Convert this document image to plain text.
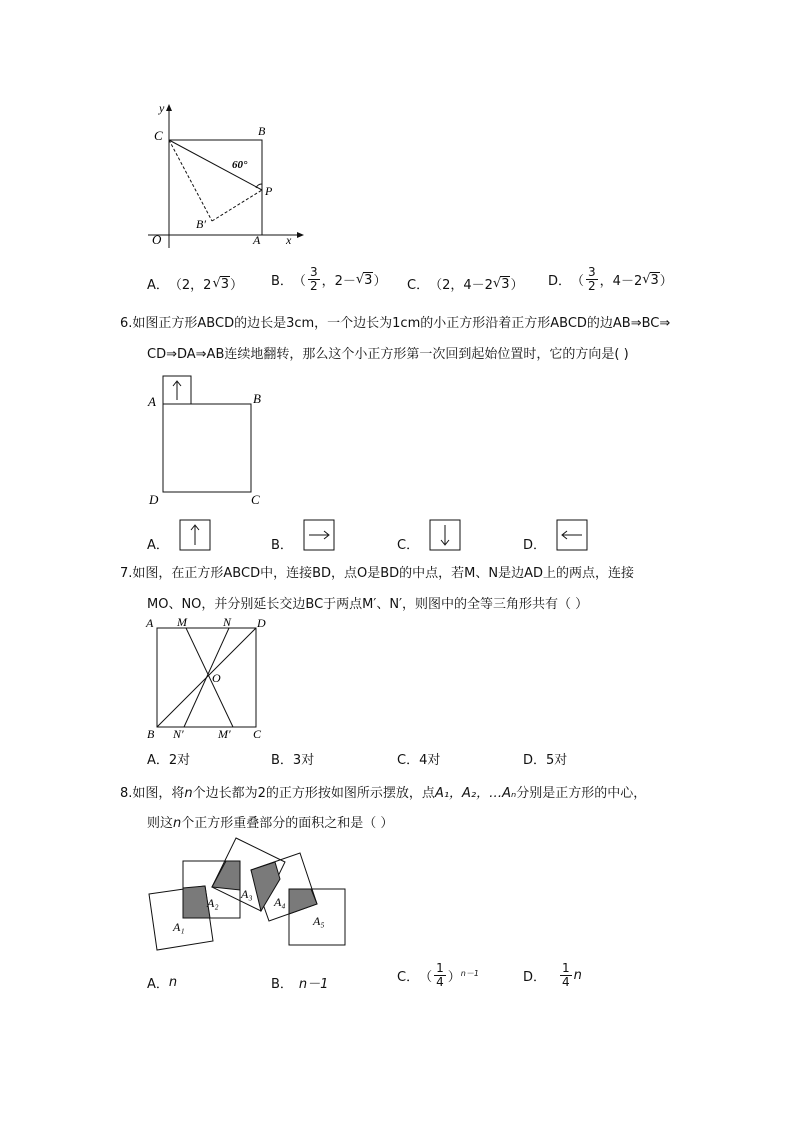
y
C	B
60°
P
B′
O	A x
A． （2，2 √ 3 ） B． （ $\frac{3}{2}$ ，2－ √ 3 ） C． （2，4－2 √ 3 ） D． （ $\frac{3}{2}$ ，4－2 √ 3 ）
6.如图正方形ABCD的边长是3cm，一个边长为1cm的小正方形沿着正方形ABCD的边AB⇒BC⇒
CD⇒DA⇒AB连续地翻转，那么这个小正方形第一次回到起始位置时，它的方向是( )
A	B
D	C
A．	B．	C．	D．
7.如图，在正方形ABCD中，连接BD，点O是BD的中点，若M、N是边AD上的两点，连接
MO、NO，并分别延长交边BC于两点M′、N′，则图中的全等三角形共有（ ）
A M	N D
O
B N′	M′ C
A． 2对	B． 3对	C． 4对	D． 5对
8.如图，将n个边长都为2的正方形按如图所示摆放，点A₁，A₂，…Aₙ分别是正方形的中心，
则这n个正方形重叠部分的面积之和是（ ）
A₁
A₂
A₃
A₄
A₅
A． n	B． n－1	C． （ $\frac{1}{4}$ ） n－1	D． $\frac{1}{4}$ n
